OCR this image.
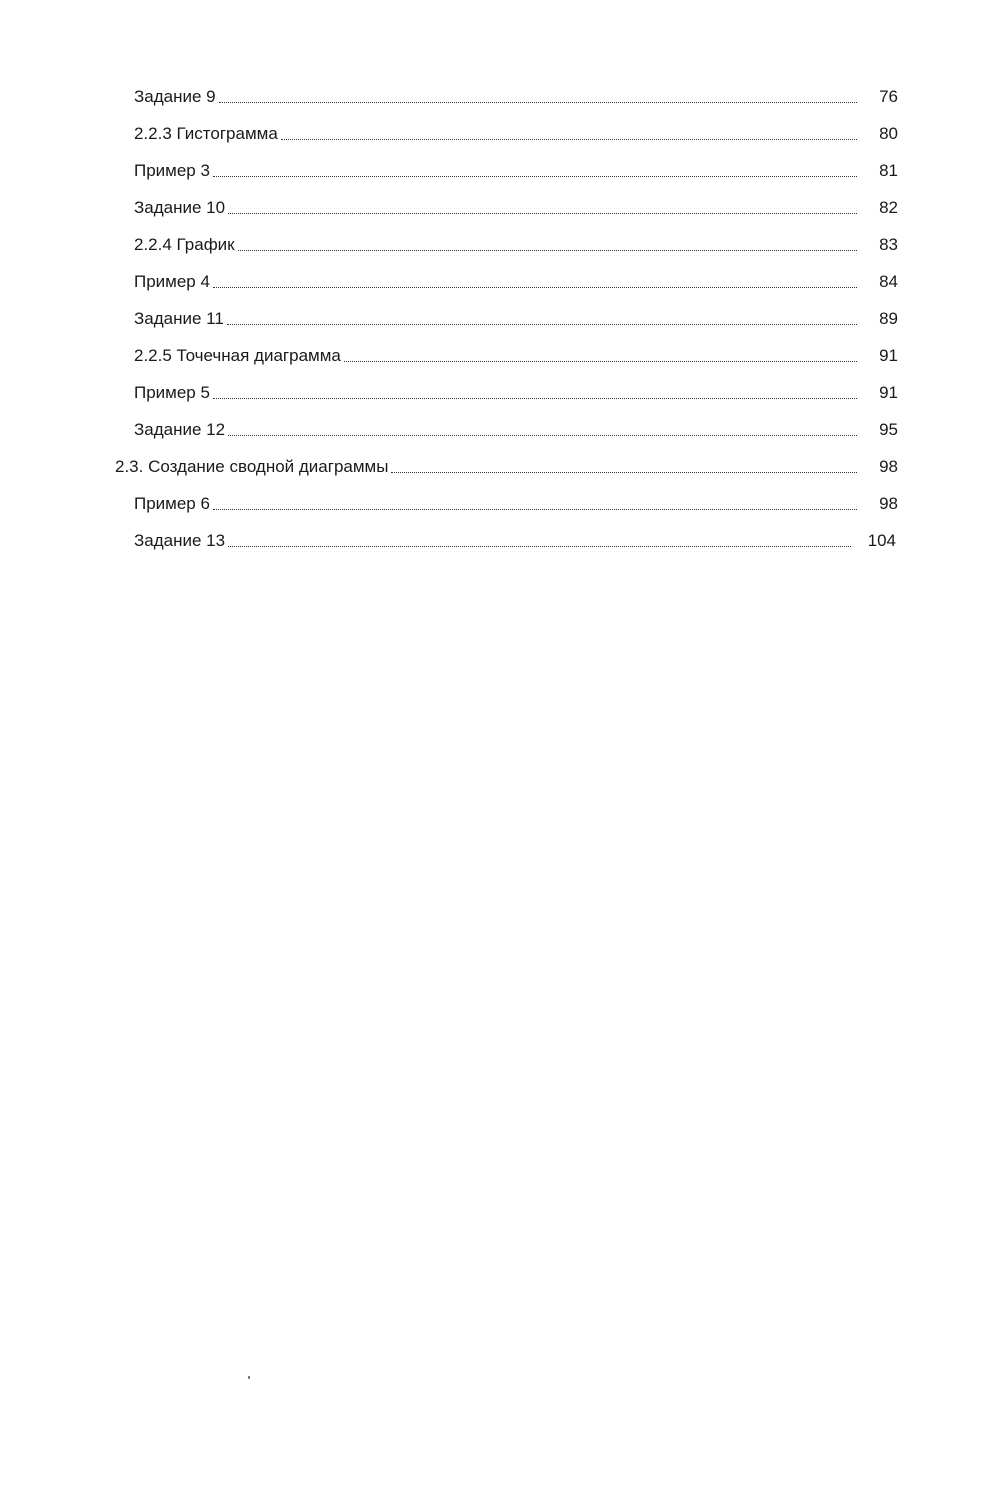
Задание 9	76
2.2.3 Гистограмма	80
Пример 3	81
Задание 10	82
2.2.4 График	83
Пример 4	84
Задание 11	89
2.2.5 Точечная диаграмма	91
Пример 5	91
Задание 12	95
2.3. Создание сводной диаграммы	98
Пример 6	98
Задание 13	104
